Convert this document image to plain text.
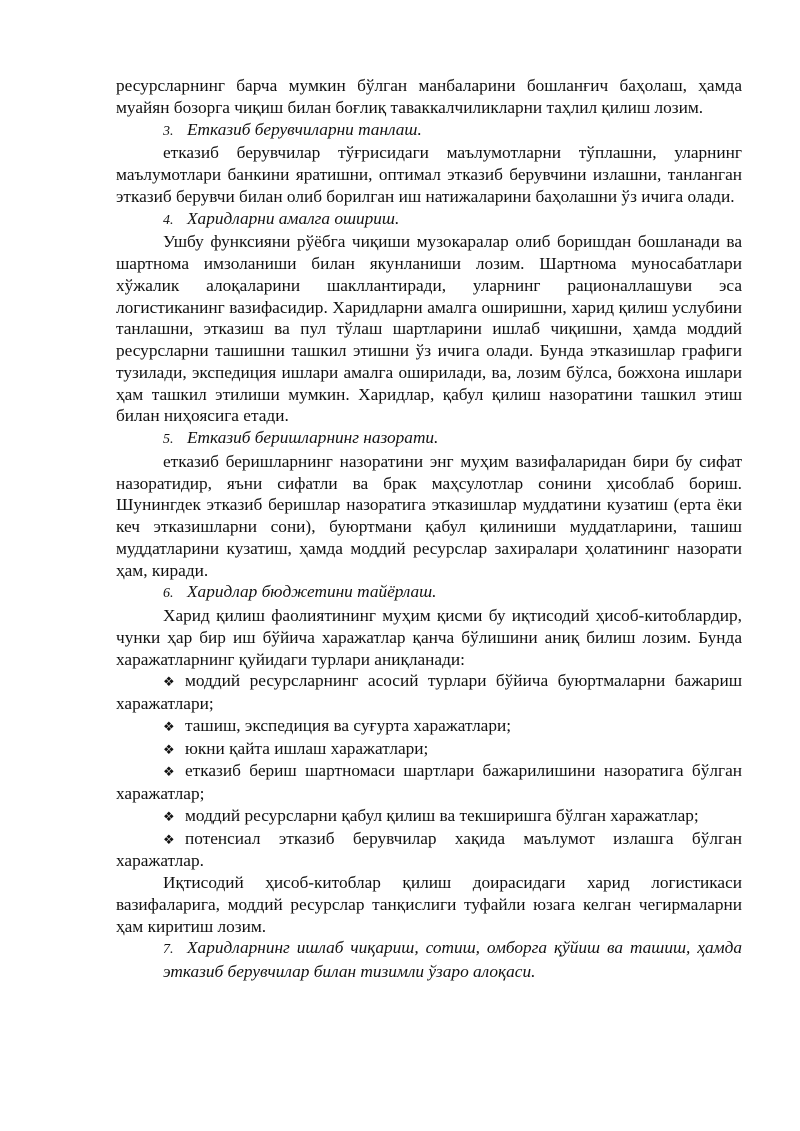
ресурсларнинг барча мумкин бўлган манбаларини бошланғич баҳолаш, ҳамда муайян бозорга чиқиш билан боғлиқ таваккалчиликларни таҳлил қилиш лозим.

3. Етказиб берувчиларни танлаш.

етказиб берувчилар тўғрисидаги маълумотларни тўплашни, уларнинг маълумотлари банкини яратишни, оптимал этказиб берувчини излашни, танланган этказиб берувчи билан олиб борилган иш натижаларини баҳолашни ўз ичига олади.

4. Харидларни амалга ошириш.

Ушбу функсияни рўёбга чиқиши музокаралар олиб боришдан бошланади ва шартнома имзоланиши билан якунланиши лозим. Шартнома муносабатлари хўжалик алоқаларини шакллантиради, уларнинг рационаллашуви эса логистиканинг вазифасидир. Харидларни амалга оширишни, харид қилиш услубини танлашни, этказиш ва пул тўлаш шартларини ишлаб чиқишни, ҳамда моддий ресурсларни ташишни ташкил этишни ўз ичига олади. Бунда этказишлар графиги тузилади, экспедиция ишлари амалга оширилади, ва, лозим бўлса, божхона ишлари ҳам ташкил этилиши мумкин. Харидлар, қабул қилиш назоратини ташкил этиш билан ниҳоясига етади.

5. Етказиб беришларнинг назорати.

етказиб беришларнинг назоратини энг муҳим вазифаларидан бири бу сифат назоратидир, яъни сифатли ва брак маҳсулотлар сонини ҳисоблаб бориш. Шунингдек этказиб беришлар назоратига этказишлар муддатини кузатиш (ерта ёки кеч этказишларни сони), буюртмани қабул қилиниши муддатларини, ташиш муддатларини кузатиш, ҳамда моддий ресурслар захиралари ҳолатининг назорати ҳам, киради.

6. Харидлар бюджетини тайёрлаш.

Харид қилиш фаолиятининг муҳим қисми бу иқтисодий ҳисоб-китоблардир, чунки ҳар бир иш бўйича харажатлар қанча бўлишини аниқ билиш лозим. Бунда харажатларнинг қуйидаги турлари аниқланади:

❖ моддий ресурсларнинг асосий турлари бўйича буюртмаларни бажариш харажатлари;

❖ ташиш, экспедиция ва суғурта харажатлари;

❖ юкни қайта ишлаш харажатлари;

❖ етказиб бериш шартномаси шартлари бажарилишини назоратига бўлган харажатлар;

❖ моддий ресурсларни қабул қилиш ва текширишга бўлган харажатлар;

❖ потенсиал этказиб берувчилар хақида маълумот излашга бўлган харажатлар.

Иқтисодий ҳисоб-китоблар қилиш доирасидаги харид логистикаси вазифаларига, моддий ресурслар танқислиги туфайли юзага келган чегирмаларни ҳам киритиш лозим.

7. Харидларнинг ишлаб чиқариш, сотиш, омборга қўйиш ва ташиш, ҳамда этказиб берувчилар билан тизимли ўзаро алоқаси.
